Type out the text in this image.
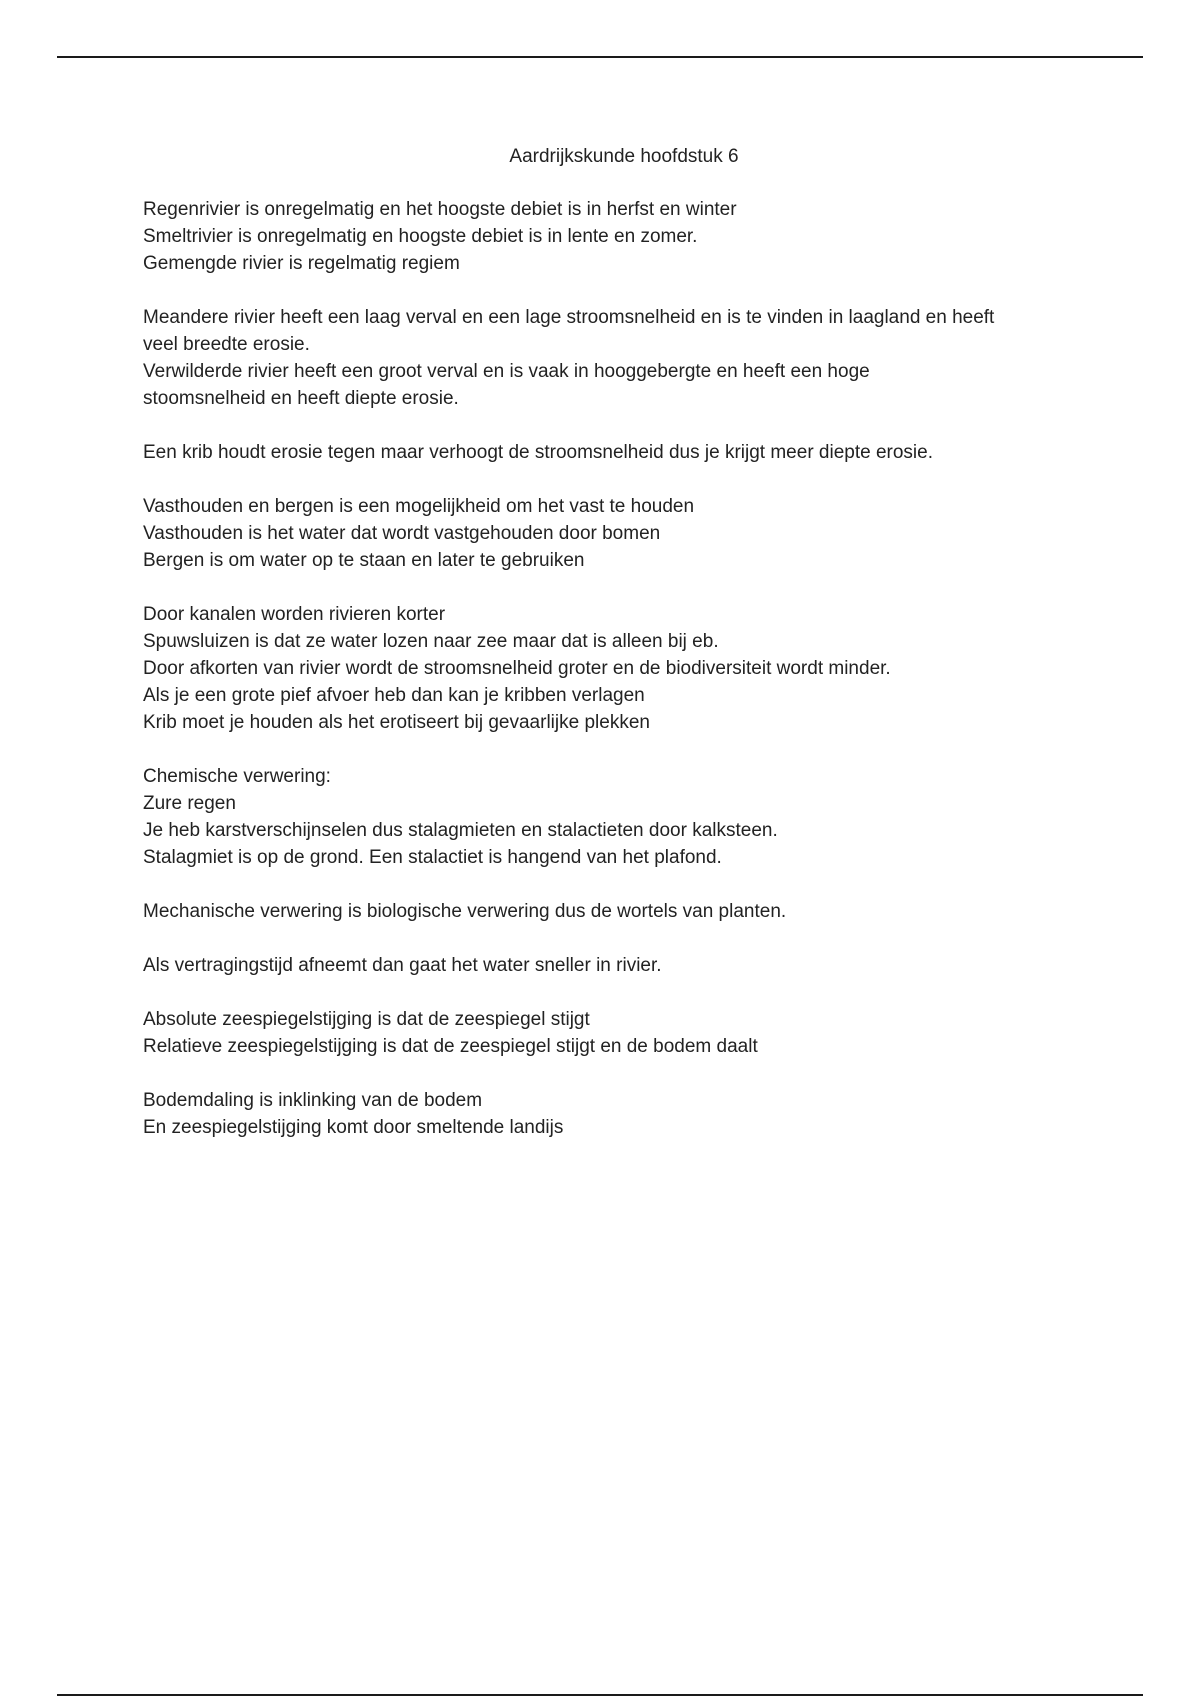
Aardrijkskunde hoofdstuk 6

Regenrivier is onregelmatig en het hoogste debiet is in herfst en winter
Smeltrivier is onregelmatig en hoogste debiet is in lente en zomer.
Gemengde rivier is regelmatig regiem

Meandere rivier heeft een laag verval en een lage stroomsnelheid en is te vinden in laagland en heeft
veel breedte erosie.
Verwilderde rivier heeft een groot verval en is vaak in hooggebergte en heeft een hoge
stoomsnelheid en heeft diepte erosie.

Een krib houdt erosie tegen maar verhoogt de stroomsnelheid dus je krijgt meer diepte erosie.

Vasthouden en bergen is een mogelijkheid om het vast te houden
Vasthouden is het water dat wordt vastgehouden door bomen
Bergen is om water op te staan en later te gebruiken

Door kanalen worden rivieren korter
Spuwsluizen is dat ze water lozen naar zee maar dat is alleen bij eb.
Door afkorten van rivier wordt de stroomsnelheid groter en de biodiversiteit wordt minder.
Als je een grote pief afvoer heb dan kan je kribben verlagen
Krib moet je houden als het erotiseert bij gevaarlijke plekken

Chemische verwering:
Zure regen
Je heb karstverschijnselen dus stalagmieten en stalactieten door kalksteen.
Stalagmiet is op de grond. Een stalactiet is hangend van het plafond.

Mechanische verwering is biologische verwering dus de wortels van planten.

Als vertragingstijd afneemt dan gaat het water sneller in rivier.

Absolute zeespiegelstijging is dat de zeespiegel stijgt
Relatieve zeespiegelstijging is dat de zeespiegel stijgt en de bodem daalt

Bodemdaling is inklinking van de bodem
En zeespiegelstijging komt door smeltende landijs
